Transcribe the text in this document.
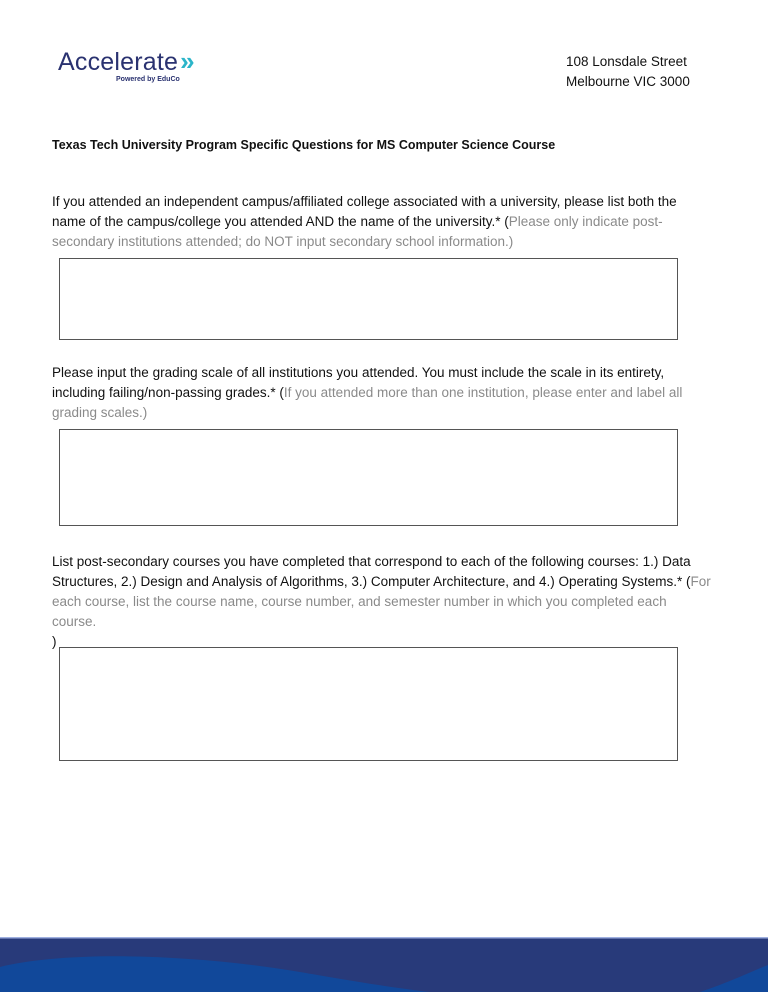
Accelerate»
Powered by EduCo
108 Lonsdale Street
Melbourne VIC 3000
Texas Tech University Program Specific Questions for MS Computer Science Course
If you attended an independent campus/affiliated college associated with a university, please list both the name of the campus/college you attended AND the name of the university.* (Please only indicate post-secondary institutions attended; do NOT input secondary school information.)
Please input the grading scale of all institutions you attended. You must include the scale in its entirety, including failing/non-passing grades.* (If you attended more than one institution, please enter and label all grading scales.)
List post-secondary courses you have completed that correspond to each of the following courses: 1.) Data Structures, 2.) Design and Analysis of Algorithms, 3.) Computer Architecture, and 4.) Operating Systems.* (For each course, list the course name, course number, and semester number in which you completed each course.
)
